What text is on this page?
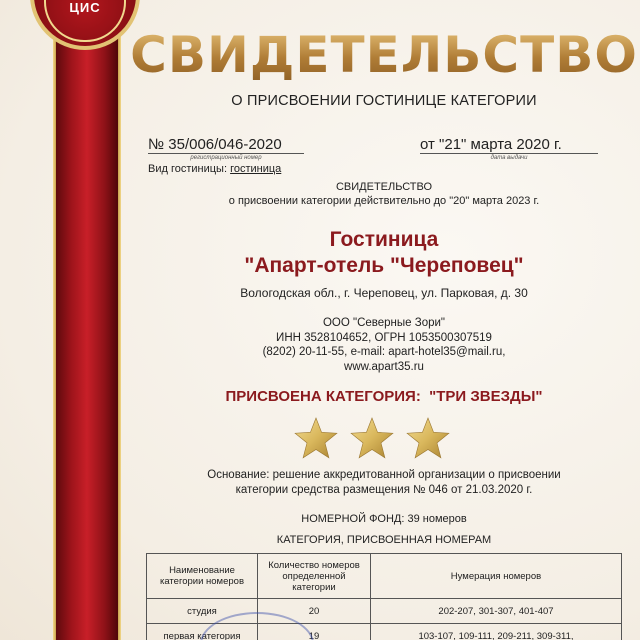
ЦИС
СВИДЕТЕЛЬСТВО
О ПРИСВОЕНИИ ГОСТИНИЦЕ КАТЕГОРИИ
№ 35/006/046-2020
регистрационный номер
от "21" марта 2020 г.
дата выдачи
Вид гостиницы: гостиница
СВИДЕТЕЛЬСТВО
о присвоении категории действительно до "20" марта 2023 г.
Гостиница
"Апарт-отель "Череповец"
Вологодская обл., г. Череповец, ул. Парковая, д. 30
ООО "Северные Зори"
ИНН 3528104652, ОГРН 1053500307519
(8202) 20-11-55, e-mail: apart-hotel35@mail.ru,
www.apart35.ru
ПРИСВОЕНА КАТЕГОРИЯ:  "ТРИ ЗВЕЗДЫ"
Основание: решение аккредитованной организации о присвоении
категории средства размещения № 046 от 21.03.2020 г.
НОМЕРНОЙ ФОНД: 39 номеров
КАТЕГОРИЯ, ПРИСВОЕННАЯ НОМЕРАМ
Наименование категории номеров	Количество номеров определенной категории	Нумерация номеров
студия	20	202-207, 301-307, 401-407
первая категория	19	103-107, 109-111, 209-211, 309-311,
